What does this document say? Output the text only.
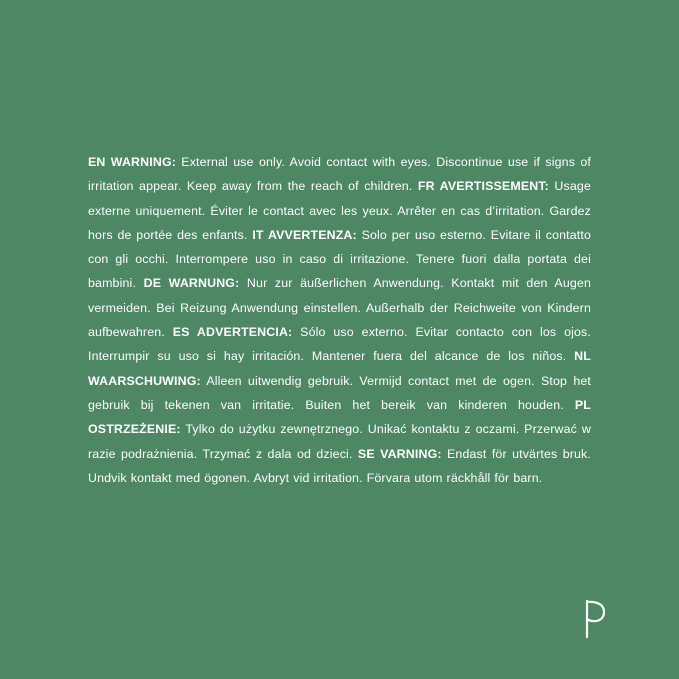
EN WARNING: External use only. Avoid contact with eyes. Discontinue use if signs of irritation appear. Keep away from the reach of children. FR AVERTISSEMENT: Usage externe uniquement. Éviter le contact avec les yeux. Arrêter en cas d’irritation. Gardez hors de portée des enfants. IT AVVERTENZA: Solo per uso esterno. Evitare il contatto con gli occhi. Interrompere uso in caso di irritazione. Tenere fuori dalla portata dei bambini. DE WARNUNG: Nur zur äußerlichen Anwendung. Kontakt mit den Augen vermeiden. Bei Reizung Anwendung einstellen. Außerhalb der Reichweite von Kindern aufbewahren. ES ADVERTENCIA: Sólo uso externo. Evitar contacto con los ojos. Interrumpir su uso si hay irritación. Mantener fuera del alcance de los niños. NL WAARSCHUWING: Alleen uitwendig gebruik. Vermijd contact met de ogen. Stop het gebruik bij tekenen van irritatie. Buiten het bereik van kinderen houden. PL OSTRZEŻENIE: Tylko do użytku zewnętrznego. Unikać kontaktu z oczami. Przerwać w razie podrażnienia. Trzymać z dala od dzieci. SE VARNING: Endast för utvärtes bruk. Undvik kontakt med ögonen. Avbryt vid irritation. Förvara utom räckhåll för barn.
